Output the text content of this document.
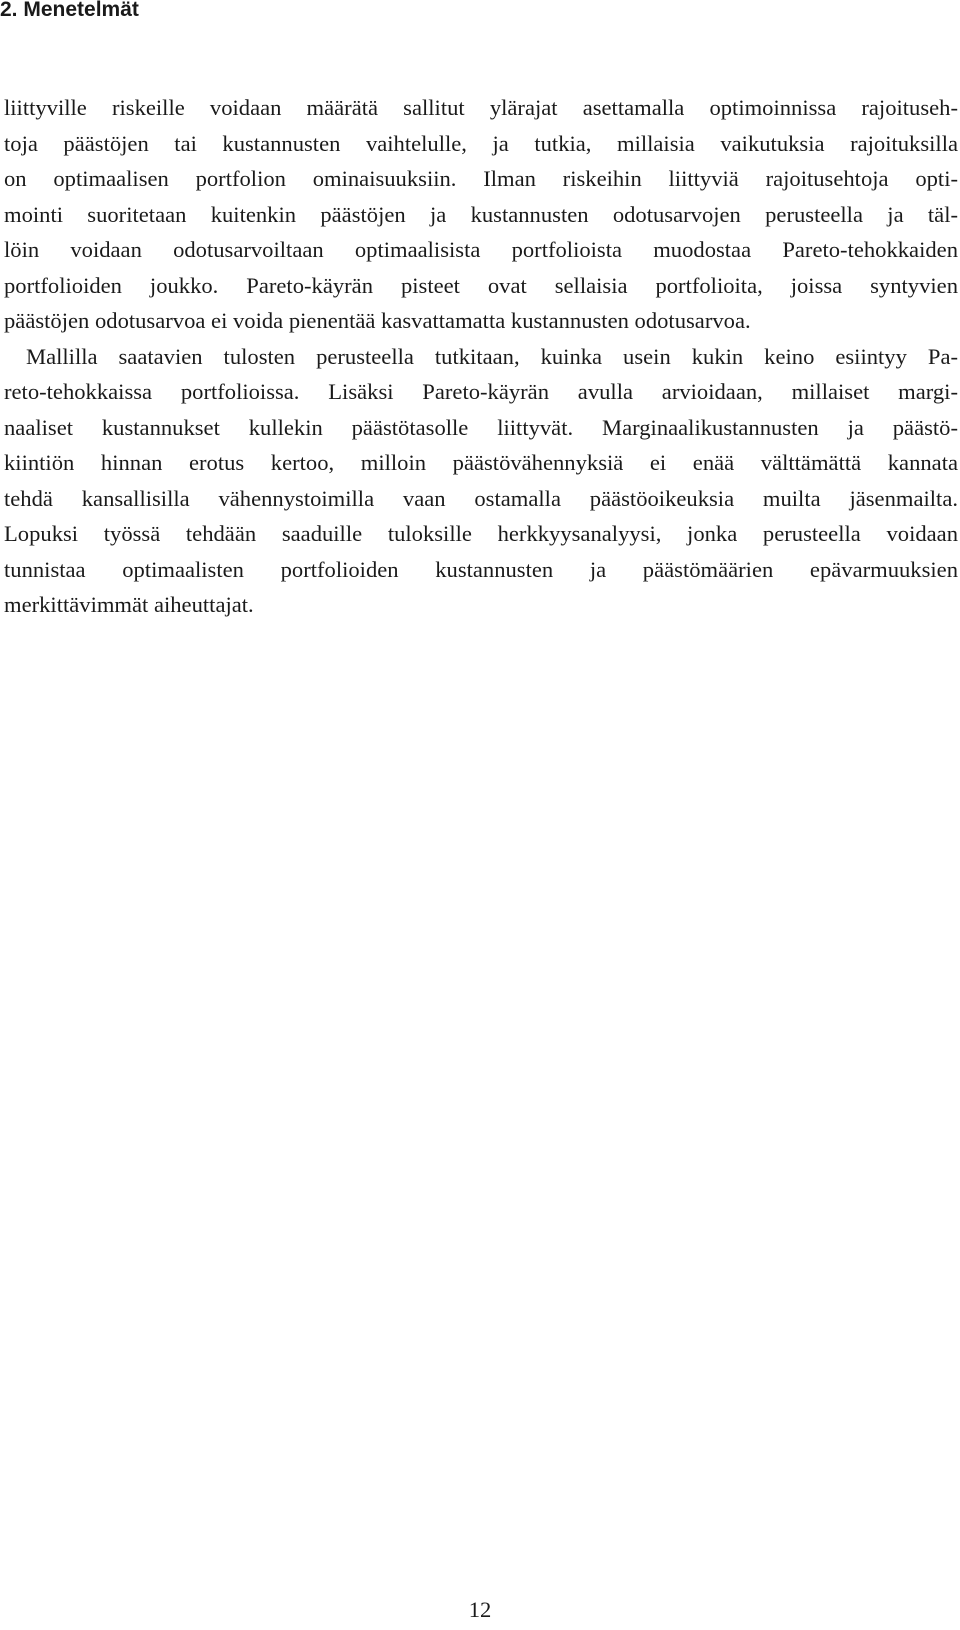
2. Menetelmät
liittyville riskeille voidaan määrätä sallitut ylärajat asettamalla optimoinnissa rajoituseh-
toja päästöjen tai kustannusten vaihtelulle, ja tutkia, millaisia vaikutuksia rajoituksilla
on optimaalisen portfolion ominaisuuksiin. Ilman riskeihin liittyviä rajoitusehtoja opti-
mointi suoritetaan kuitenkin päästöjen ja kustannusten odotusarvojen perusteella ja täl-
löin voidaan odotusarvoiltaan optimaalisista portfolioista muodostaa Pareto-tehokkaiden
portfolioiden joukko. Pareto-käyrän pisteet ovat sellaisia portfolioita, joissa syntyvien
päästöjen odotusarvoa ei voida pienentää kasvattamatta kustannusten odotusarvoa.
Mallilla saatavien tulosten perusteella tutkitaan, kuinka usein kukin keino esiintyy Pa-
reto-tehokkaissa portfolioissa. Lisäksi Pareto-käyrän avulla arvioidaan, millaiset margi-
naaliset kustannukset kullekin päästötasolle liittyvät. Marginaalikustannusten ja päästö-
kiintiön hinnan erotus kertoo, milloin päästövähennyksiä ei enää välttämättä kannata
tehdä kansallisilla vähennystoimilla vaan ostamalla päästöoikeuksia muilta jäsenmailta.
Lopuksi työssä tehdään saaduille tuloksille herkkyysanalyysi, jonka perusteella voidaan
tunnistaa optimaalisten portfolioiden kustannusten ja päästömäärien epävarmuuksien
merkittävimmät aiheuttajat.
12
